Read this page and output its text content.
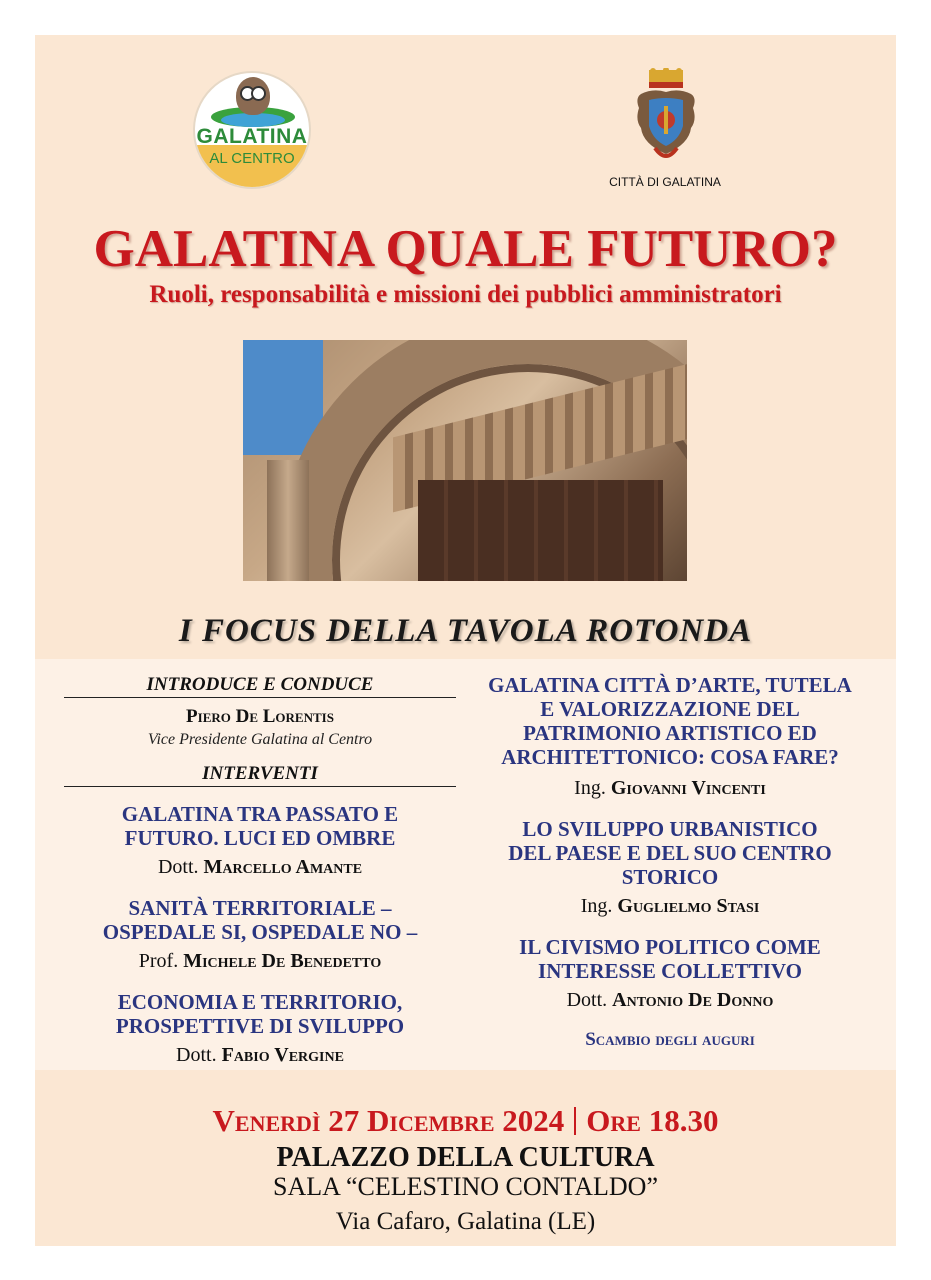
GALATINA
AL CENTRO
CITTÀ DI GALATINA
GALATINA QUALE FUTURO?
Ruoli, responsabilità e missioni dei pubblici amministratori
I FOCUS DELLA TAVOLA ROTONDA
INTRODUCE E CONDUCE
Piero De Lorentis
Vice Presidente Galatina al Centro
INTERVENTI
GALATINA TRA PASSATO E FUTURO. LUCI ED OMBRE
Dott. Marcello Amante
SANITÀ TERRITORIALE – OSPEDALE SI, OSPEDALE NO –
Prof. Michele De Benedetto
ECONOMIA E TERRITORIO, PROSPETTIVE DI SVILUPPO
Dott. Fabio Vergine
GALATINA CITTÀ D’ARTE, TUTELA E VALORIZZAZIONE DEL PATRIMONIO ARTISTICO ED ARCHITETTONICO: COSA FARE?
Ing. Giovanni Vincenti
LO SVILUPPO URBANISTICO DEL PAESE E DEL SUO CENTRO STORICO
Ing. Guglielmo Stasi
IL CIVISMO POLITICO COME INTERESSE COLLETTIVO
Dott. Antonio De Donno
Scambio degli auguri
Venerdì 27 Dicembre 2024 Ore 18.30
PALAZZO DELLA CULTURA
SALA “CELESTINO CONTALDO”
Via Cafaro, Galatina (LE)
